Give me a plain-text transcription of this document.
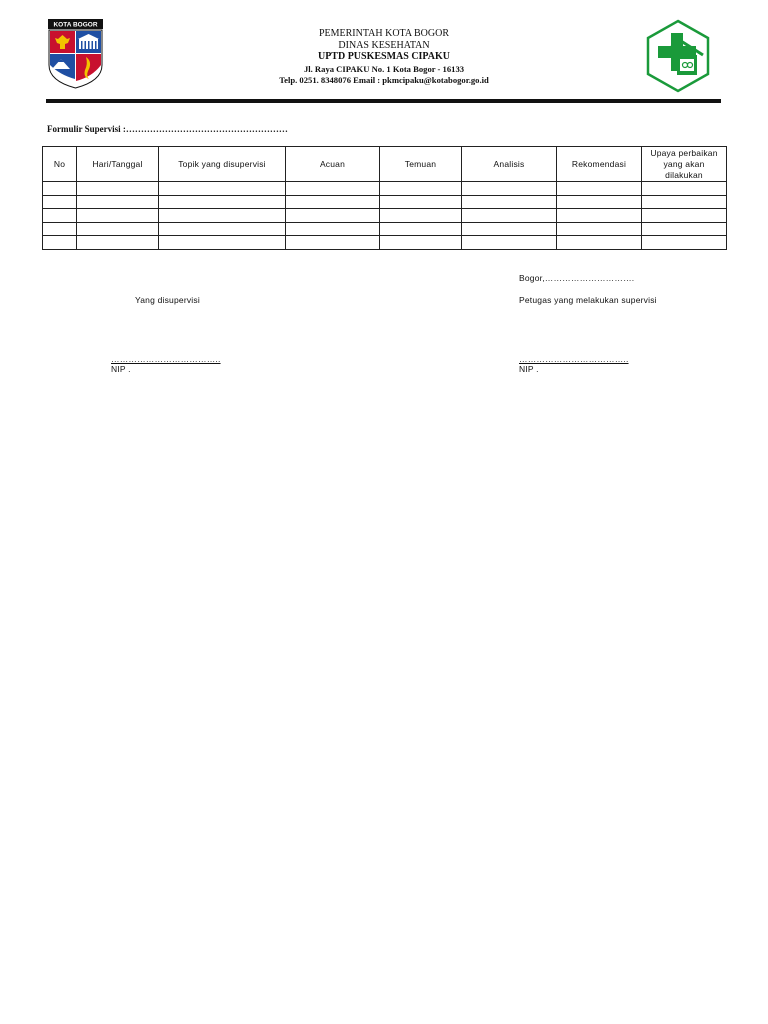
KOTA BOGOR
PEMERINTAH KOTA BOGOR
DINAS KESEHATAN
UPTD PUSKESMAS CIPAKU
Jl. Raya CIPAKU No. 1 Kota Bogor - 16133
Telp. 0251. 8348076 Email : pkmcipaku@kotabogor.go.id
Formulir Supervisi :………………………………………………
No	Hari/Tanggal	Topik yang disupervisi	Acuan	Temuan	Analisis	Rekomendasi	Upaya perbaikan yang akan dilakukan

Bogor,………………………….
Yang disupervisi	Petugas yang melakukan supervisi
………………………………..
NIP .
………………………………..
NIP .
